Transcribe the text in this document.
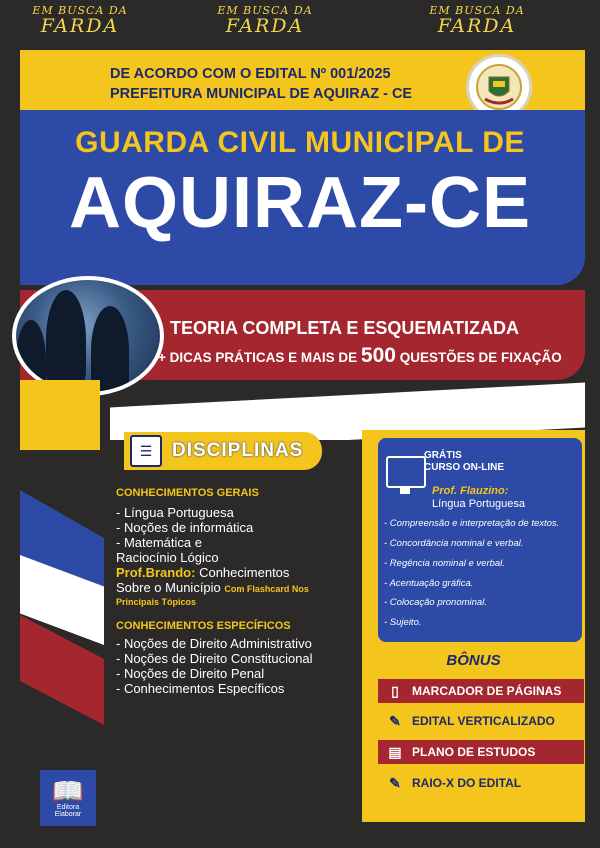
EM BUSCA DA
FARDA
EM BUSCA DA
FARDA
EM BUSCA DA
FARDA
DE ACORDO COM O EDITAL Nº 001/2025
PREFEITURA MUNICIPAL DE AQUIRAZ - CE
GUARDA CIVIL MUNICIPAL DE
AQUIRAZ-CE
TEORIA COMPLETA E ESQUEMATIZADA
+ DICAS PRÁTICAS E MAIS DE 500 QUESTÕES DE FIXAÇÃO
☰	DISCIPLINAS
CONHECIMENTOS GERAIS
- Língua Portuguesa
- Noções de informática
- Matemática e
Raciocínio Lógico
Prof.Brando: Conhecimentos
Sobre o Município Com Flashcard Nos
Principais Tópicos
CONHECIMENTOS ESPECÍFICOS
- Noções de Direito Administrativo
- Noções de Direito Constitucional
- Noções de Direito Penal
- Conhecimentos Específicos
GRÁTIS
CURSO ON-LINE
Prof. Flauzino:
Língua Portuguesa
- Compreensão e interpretação de textos.
- Concordância nominal e verbal.
- Regência nominal e verbal.
- Acentuação gráfica.
- Colocação pronominal.
- Sujeito.
BÔNUS
▯	MARCADOR DE PÁGINAS
✎ EDITAL VERTICALIZADO
▤ PLANO DE ESTUDOS
✎ RAIO-X DO EDITAL
📖
Editora
Elaborar
